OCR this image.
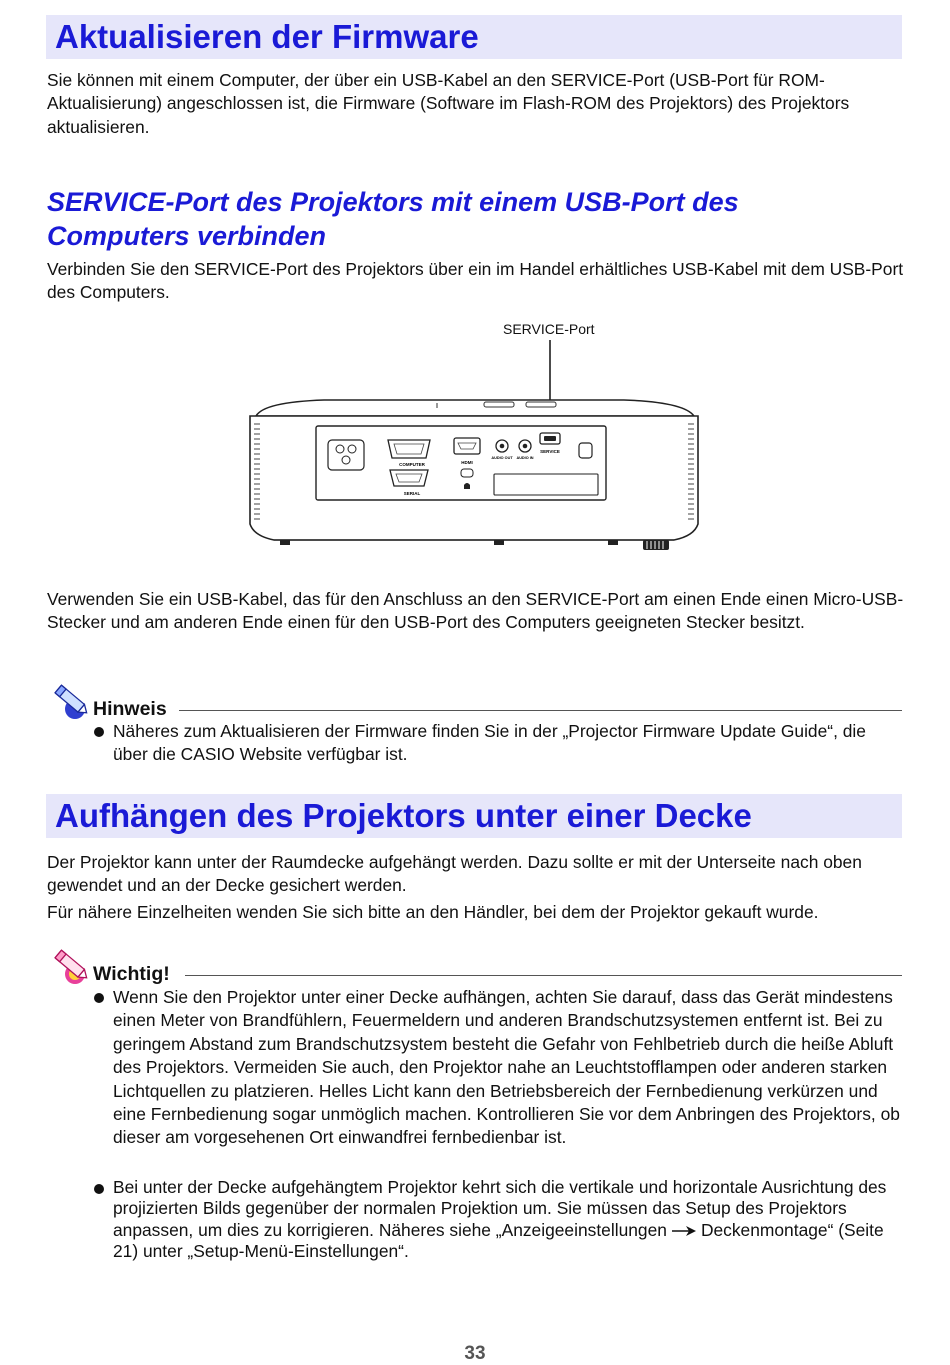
Aktualisieren der Firmware

Sie können mit einem Computer, der über ein USB-Kabel an den SERVICE-Port (USB-Port für ROM-Aktualisierung) angeschlossen ist, die Firmware (Software im Flash-ROM des Projektors) des Projektors aktualisieren.

SERVICE-Port des Projektors mit einem USB-Port des
Computers verbinden

Verbinden Sie den SERVICE-Port des Projektors über ein im Handel erhältliches USB-Kabel mit dem USB-Port des Computers.

SERVICE-Port
COMPUTER
SERIAL
HDMI
AUDIO OUT AUDIO IN
SERVICE

Verwenden Sie ein USB-Kabel, das für den Anschluss an den SERVICE-Port am einen Ende einen Micro-USB-Stecker und am anderen Ende einen für den USB-Port des Computers geeigneten Stecker besitzt.

Hinweis

Näheres zum Aktualisieren der Firmware finden Sie in der „Projector Firmware Update Guide“, die über die CASIO Website verfügbar ist.

Aufhängen des Projektors unter einer Decke

Der Projektor kann unter der Raumdecke aufgehängt werden. Dazu sollte er mit der Unterseite nach oben gewendet und an der Decke gesichert werden.

Für nähere Einzelheiten wenden Sie sich bitte an den Händler, bei dem der Projektor gekauft wurde.

Wichtig!

Wenn Sie den Projektor unter einer Decke aufhängen, achten Sie darauf, dass das Gerät mindestens einen Meter von Brandfühlern, Feuermeldern und anderen Brandschutzsystemen entfernt ist. Bei zu geringem Abstand zum Brandschutzsystem besteht die Gefahr von Fehlbetrieb durch die heiße Abluft des Projektors. Vermeiden Sie auch, den Projektor nahe an Leuchtstofflampen oder anderen starken Lichtquellen zu platzieren. Helles Licht kann den Betriebsbereich der Fernbedienung verkürzen und eine Fernbedienung sogar unmöglich machen. Kontrollieren Sie vor dem Anbringen des Projektors, ob dieser am vorgesehenen Ort einwandfrei fernbedienbar ist.

Bei unter der Decke aufgehängtem Projektor kehrt sich die vertikale und horizontale Ausrichtung des projizierten Bilds gegenüber der normalen Projektion um. Sie müssen das Setup des Projektors anpassen, um dies zu korrigieren. Näheres siehe „Anzeigeeinstellungen Deckenmontage“ (Seite 21) unter „Setup-Menü-Einstellungen“.

33
